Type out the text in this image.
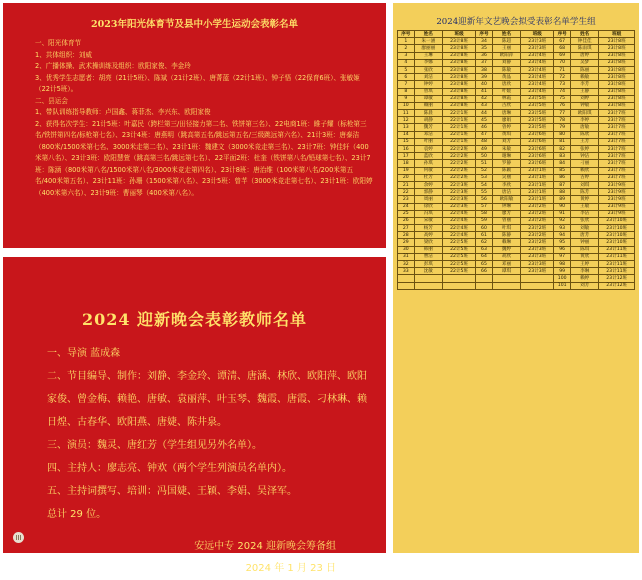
2023年阳光体育节及县中小学生运动会表彰名单
一、阳光体育节
1、共体组织：刘威
2、广播体操、武术操训练及组织：欧阳家俊、李金玲
3、优秀学生志愿者：胡亮（21计5班）、陈斌（21计2班）、唐菁蓝（22计1班）、钟子悟（22保育6班）、张敏姬（22计5班）。
二、县运会
1、带队训练指导教师：卢国鑫、蒋菲杰、李兴东、欧阳家俊
2、获得名次学生：21计5班：叶嘉民（跨栏第三/田径接力第二名、铁饼第三名）、22电商1班：睢子耀（标枪第三名/铁饼第四名/标枪第七名）、23计4班：唐燕明（跳高第五名/跳远第五名/三级跳远第六名）、21计3班：唐泰洁（800米/1500米第七名、3000米走第二名）、23计1班：魏建文（3000米竞走第三名）、23计7班：钟佳轩（400米第八名）、23计3班：欧阳慧萱（跳高第三名/跳远第七名）、22平面2班：杜奎（铁饼第八名/铅球第七名）、23计7班：陈涵（800米第八名/1500米第八名/3000米竞走第四名）、23计8班：唐治维（100米第八名/200米第五名/400米第五名）、23计11班：孙珊（1500米第八名）、23计5班：曾芊（3000米竞走第七名）、23计1班：欧阳婷（400米第六名）、23计9班：曹丽琴（400米第八名）。
2024 迎新晚会表彰教师名单
一、导演 蓝成森
二、节目编导、制作：刘静、李金玲、谭清、唐涵、林欣、欧阳萍、欧阳家俊、曾金梅、赖艳、唐敏、袁丽萍、叶玉琴、魏霞、唐霞、刁林琳、赖日煌、古春华、欧阳燕、唐婕、陈井泉。
三、演员：魏灵、唐红芳（学生组见另外名单）。
四、主持人：廖志亮、钟欢（两个学生列演员名单内）。
五、主持词撰写、培训：冯国婕、王颖、李娟、吴泽军。
总计 29 位。
安远中专 2024 迎新晚会筹备组
2024 年 1 月 23 日
2024迎新年文艺晚会拟受表彰名单学生组
序号	姓名	班级	序号	姓名	班级	序号	姓名	班级
1	朱一涵	23计8班	34	陈超	23计3班	67	钟佳佳	23计8班
2	廖丽丽	23计8班	35	王丽	23计3班	68	陈雨琪	23计8班
3	王琳	23计8班	36	欧阳萍	23计4班	69	唐婷	23计8班
4	李娜	23计8班	37	刘静	23计4班	70	吴梦	23计8班
5	张欣	23计8班	38	陈敏	23计4班	71	陈丽	23计8班
6	刘洁	23计8班	39	黄晶	23计4班	72	赖敏	23计8班
7	钟婷	23计8班	40	唐欣	23计4班	73	李芳	23计8班
8	曾琪	23计8班	41	叶媛	23计4班	74	王静	23计8班
9	谭敏	23计8班	42	林霞	23计5班	75	刘婷	23计8班
10	赖丽	23计8班	43	古欣	23计5班	76	钟敏	23计8班
11	陈晨	22计1班	44	唐琳	23计5班	77	欧阳琪	23计7班
12	胡静	22计1班	45	廖娟	23计5班	78	李婷	23计7班
13	魏芳	22计1班	46	曾婷	23计5班	79	唐敏	23计7班
14	邓洁	22计1班	47	黄琪	23计6班	80	陈欣	23计7班
15	叶丽	22计1班	48	刘芳	23计6班	81	王芳	23计7班
16	袁婷	22计2班	49	朱敏	23计6班	82	张婷	23计7班
17	蓝欣	22计2班	50	谢琳	23计6班	83	钟洁	23计7班
18	孙琪	22计2班	51	罗静	23计6班	84	刁丽	23计7班
19	何敏	22计2班	52	陈颖	23计1班	85	赖欣	23计7班
20	杜芳	22计2班	53	吴丽	23计1班	86	古婷	23计7班
21	余婷	22计3班	54	李欣	23计1班	87	刘琪	23计9班
22	郭静	22计3班	55	唐洁	23计1班	88	陈芳	23计9班
23	周丽	22计3班	56	欧阳敏	23计1班	89	黄婷	23计9班
24	徐欣	22计3班	57	钟琳	23计2班	90	王敏	23计9班
25	冯琪	22计4班	58	廖芳	23计2班	91	李洁	23计9班
26	宋敏	22计4班	59	曾丽	23计2班	92	张欣	23计10班
27	杨芳	22计4班	60	叶琪	23计2班	93	刘敏	23计10班
28	高婷	22计4班	61	陈静	23计2班	94	唐芳	23计10班
29	梁欣	22计5班	62	赖琳	23计2班	95	钟丽	23计10班
30	韩丽	22计5班	63	魏婷	23计3班	96	陈琪	23计11班
31	曹洁	22计5班	64	胡欣	23计3班	97	黄欣	23计11班
32	彭琪	22计5班	65	邓丽	23计3班	98	王婷	23计11班
33	沈敏	22计5班	66	谭琪	23计3班	99	李琳	23计11班
						100	赖婷	23计12班
						101	刘芳	23计12班
